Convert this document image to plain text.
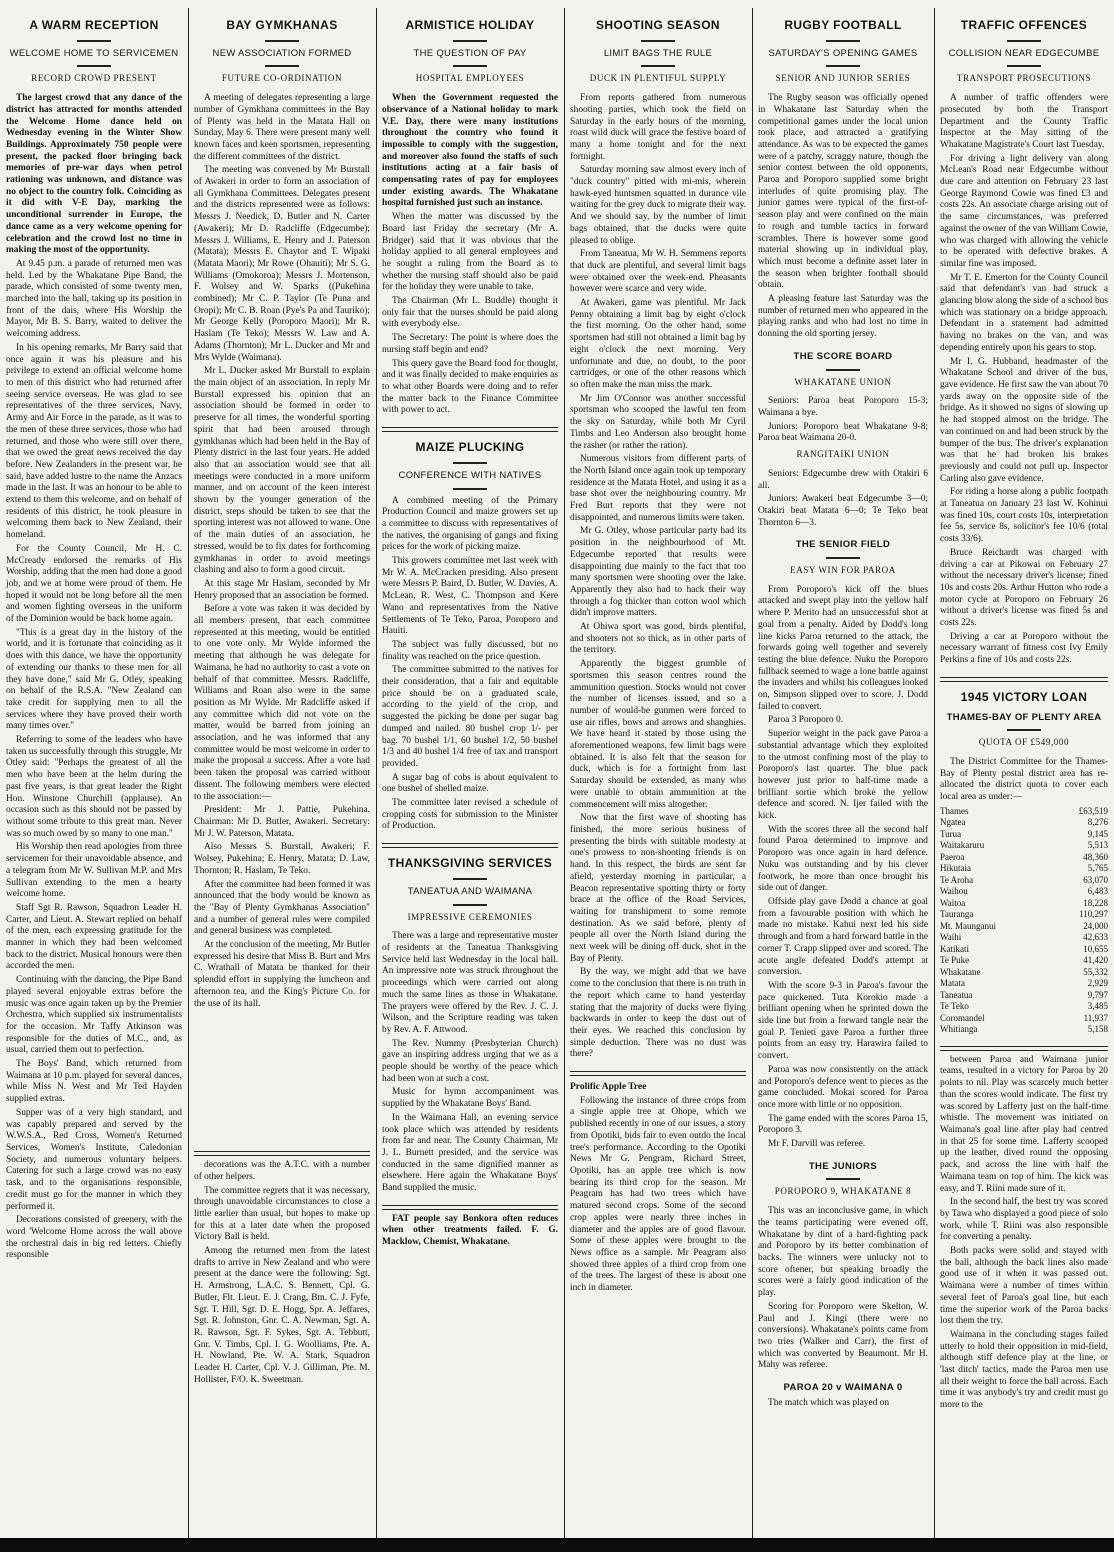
A WARM RECEPTION
WELCOME HOME TO SERVICEMEN
RECORD CROWD PRESENT

The largest crowd that any dance of the district has attracted for months attended the Welcome Home dance held on Wednesday evening in the Winter Show Buildings. Approximately 750 people were present, the packed floor bringing back memories of pre-war days when petrol rationing was unknown, and distance was no object to the country folk. Coinciding as it did with V-E Day, marking the unconditional surrender in Europe, the dance came as a very welcome opening for celebration and the crowd lost no time in making the most of the opportunity.

At 9.45 p.m. a parade of returned men was held. Led by the Whakatane Pipe Band, the parade, which consisted of some twenty men, marched into the hall, taking up its position in front of the dais, where His Worship the Mayor, Mr B. S. Barry, waited to deliver the welcoming address.

In his opening remarks, Mr Barry said that once again it was his pleasure and his privilege to extend an official welcome home to men of this district who had returned after seeing service overseas. He was glad to see representatives of the three services, Navy, Army and Air Force in the parade, as it was to the men of these three services, those who had returned, and those who were still over there, that we owed the great news received the day before. New Zealanders in the present war, he said, have added lustre to the name the Anzacs made in the last. It was an honour to be able to extend to them this welcome, and on behalf of residents of this district, he took pleasure in welcoming them back to New Zealand, their homeland.

For the County Council, Mr H. C. McCready endorsed the remarks of His Worship, adding that the men had done a good job, and we at home were proud of them. He hoped it would not be long before all the men and women fighting overseas in the uniform of the Dominion would be back home again.

"This is a great day in the history of the world, and it is fortunate that coinciding as it does with this dance, we have the opportunity of extending our thanks to these men for all they have done," said Mr G. Otley, speaking on behalf of the R.S.A. "New Zealand can take credit for supplying men to all the services where they have proved their worth many times over."

Referring to some of the leaders who have taken us successfully through this struggle, Mr Otley said: "Perhaps the greatest of all the men who have been at the helm during the past five years, is that great leader the Right Hon. Winstone Churchill (applause). An occasion such as this should not be passed by without some tribute to this great man. Never was so much owed by so many to one man."

His Worship then read apologies from three servicemen for their unavoidable absence, and a telegram from Mr W. Sullivan M.P. and Mrs Sullivan extending to the men a hearty welcome home.

Staff Sgt R. Rawson, Squadron Leader H. Carter, and Lieut. A. Stewart replied on behalf of the men, each expressing gratitude for the manner in which they had been welcomed back to the district. Musical honours were then accorded the men.

Continuing with the dancing, the Pipe Band played several enjoyable extras before the music was once again taken up by the Premier Orchestra, which supplied six instrumentalists for the occasion. Mr Taffy Atkinson was responsible for the duties of M.C., and, as usual, carried them out to perfection.

The Boys' Band, which returned from Waimana at 10 p.m. played for several dances, while Miss N. West and Mr Ted Hayden supplied extras.

Supper was of a very high standard, and was capably prepared and served by the W.W.S.A., Red Cross, Women's Returned Services, Women's Institute, Caledonian Society, and numerous voluntary helpers. Catering for such a large crowd was no easy task, and to the organisations responsible, credit must go for the manner in which they performed it.

Decorations consisted of greenery, with the word 'Welcome Home across the wall above the orchestral dais in big red letters. Chiefly responsible

BAY GYMKHANAS
NEW ASSOCIATION FORMED
FUTURE CO-ORDINATION

A meeting of delegates representing a large number of Gymkhana committees in the Bay of Plenty was held in the Matata Hall on Sunday, May 6. There were present many well known faces and keen sportsmen, representing the different committees of the district.

The meeting was convened by Mr Burstall of Awakeri in order to form an association of all Gymkhana Committees. Delegates present and the districts represented were as follows: Messrs J. Needick, D. Butler and N. Carter (Awakeri); Mr D. Radcliffe (Edgecumbe); Messrs J. Williams, E. Henry and J. Paterson (Matata); Messrs E. Chaytor and T. Wipaki (Matata Maori); Mr Rowe (Ohauiti); Mr S. G. Williams (Omokoroa); Messrs J. Mortenson, F. Wolsey and W. Sparks ((Pukehina combined); Mr C. P. Taylor (Te Puna and Oropi); Mr C. B. Roan (Pye's Pa and Tauriko); Mr George Kelly (Poroporo Maori); Mr R. Haslam (Te Teko); Messrs W. Law and A. Adams (Thornton); Mr L. Ducker and Mr and Mrs Wylde (Waimana).

Mr L. Ducker asked Mr Burstall to explain the main object of an association. In reply Mr Burstall expressed his opinion that an association should be formed in order to preserve for all times, the wonderful sporting spirit that had been aroused through gymkhanas which had been held in the Bay of Plenty district in the last four years. He added also that an association would see that all meetings were conducted in a more uniform manner, and on account of the keen interest shown by the younger generation of the district, steps should be taken to see that the sporting interest was not allowed to wane. One of the main duties of an association, he stressed, would be to fix dates for forthcoming gymkhanas in order to avoid meetings clashing and also to form a good circuit.

At this stage Mr Haslam, seconded by Mr Henry proposed that an association be formed.

Before a vote was taken it was decided by all members present, that each committee represented at this meeting, would be entitled to one vote only. Mr Wylde informed the meeting that although he was delegate for Waimana, he had no authority to cast a vote on behalf of that committee. Messrs. Radcliffe, Williams and Roan also were in the same position as Mr Wylde. Mr Radcliffe asked if any committee which did not vote on the matter, would be barred from joining an association, and he was informed that any committee would be most welcome in order to make the proposal a success. After a vote had been taken the proposal was carried without dissent. The following members were elected to the association:—

President: Mr J. Pattie, Pukehina. Chairman: Mr D. Butler, Awakeri. Secretary: Mr J. W. Paterson, Matata.

Also Messrs S. Burstall, Awakeri; F. Wolsey, Pukehina; E. Henry, Matata; D. Law, Thornton; R. Haslam, Te Teko.

After the committee had been formed it was announced that the body would be known as the "Bay of Plenty Gymkhanas Association" and a number of general rules were compiled and general business was completed.

At the conclusion of the meeting, Mr Butler expressed his desire that Miss B. Burt and Mrs C. Wrathall of Matata be thanked for their splendid effort in supplying the luncheon and afternoon tea, and the King's Picture Co. for the use of its hall.

decorations was the A.T.C. with a number of other helpers.

The committee regrets that it was necessary, through unavoidable circumstances to close a little earlier than usual, but hopes to make up for this at a later date when the proposed Victory Ball is held.

Among the returned men from the latest drafts to arrive in New Zealand and who were present at the dance were the following: Sgt. H. Armstrong, L.A.C. S. Bennett, Cpl. G. Butler, Flt. Lieut. E. J. Crang, Bm. C. J. Fyfe, Sgt. T. Hill, Sgt. D. E. Hogg, Spr. A. Jeffares, Sgt. R. Johnston, Gnr. C. A. Newman, Sgt. A. R. Rawson, Sgt. F. Sykes, Sgt. A. Tebbutt, Gnr. V. Timbs, Cpl. I. G. Woolliams, Pte. A. H. Nowland, Pte. W. A. Stark, Squadron Leader H. Carter, Cpl. V. J. Gilliman, Pte. M. Hollister, F/O. K. Sweetman.

ARMISTICE HOLIDAY
THE QUESTION OF PAY
HOSPITAL EMPLOYEES

When the Government requested the observance of a National holiday to mark V.E. Day, there were many institutions throughout the country who found it impossible to comply with the suggestion, and moreover also found the staffs of such institutions acting at a fair basis of compensating rates of pay for employees under existing awards. The Whakatane hospital furnished just such an instance.

When the matter was discussed by the Board last Friday the secretary (Mr A. Bridger) said that it was obvious that the holiday applied to all general employees and he sought a ruling from the Board as to whether the nursing staff should also be paid for the holiday they were unable to take.

The Chairman (Mr L. Buddle) thought it only fair that the nurses should be paid along with everybody else.

The Secretary: The point is where does the nursing staff begin and end?

This query gave the Board food for thought, and it was finally decided to make enquiries as to what other Boards were doing and to refer the matter back to the Finance Committee with power to act.

MAIZE PLUCKING
CONFERENCE WITH NATIVES

A combined meeting of the Primary Production Council and maize growers set up a committee to discuss with representatives of the natives, the organising of gangs and fixing prices for the work of picking maize.

This growers committee met last week with Mr W. A. McCracken presiding. Also present were Messrs P. Baird, D. Butler, W. Davies, A. McLean, R. West, C. Thompson and Kere Wano and representatives from the Native Settlements of Te Teko, Paroa, Poroporo and Hauiti.

The subject was fully discussed, but no finality was reached on the price question.

The committee submitted to the natives for their consideration, that a fair and equitable price should be on a graduated scale, according to the yield of the crop, and suggested the picking be done per sugar bag dumped and nailed. 80 bushel crop 1/- per bag. 70 bushel 1/1, 60 bushel 1/2, 50 bushel 1/3 and 40 bushel 1/4 free of tax and transport provided.

A sugar bag of cobs is about equivalent to one bushel of shelled maize.

The committee later revised a schedule of cropping costs for submission to the Minister of Production.

THANKSGIVING SERVICES
TANEATUA AND WAIMANA
IMPRESSIVE CEREMONIES

There was a large and representative muster of residents at the Taneatua Thanksgiving Service held last Wednesday in the local hall. An impressive note was struck throughout the proceedings which were carried out along much the same lines as those in Whakatane. The prayers were offered by the Rev. J. C. J. Wilson, and the Scripture reading was taken by Rev. A. F. Attwood.

The Rev. Nummy (Presbyterian Church) gave an inspiring address urging that we as a people should be worthy of the peace which had been won at such a cost.

Music for hymn accompaniment was supplied by the Whakatane Boys' Band.

In the Waimana Hall, an evening service took place which was attended by residents from far and near. The County Chairman, Mr J. L. Burnett presided, and the service was conducted in the same dignified manner as elsewhere. Here again the Whakatane Boys' Band supplied the music.

FAT people say Bonkora often reduces when other treatments failed. F. G. Macklow, Chemist, Whakatane.

SHOOTING SEASON
LIMIT BAGS THE RULE
DUCK IN PLENTIFUL SUPPLY

From reports gathered from numerous shooting parties, which took the field on Saturday in the early hours of the morning, roast wild duck will grace the festive board of many a home tonight and for the next fortnight.

Saturday morning saw almost every inch of "duck country" pitted with mi-mis, wherein hawk-eyed huntsmen squatted in durance vile waiting for the grey duck to migrate their way. And we should say, by the number of limit bags obtained, that the ducks were quite pleased to oblige.

From Taneatua, Mr W. H. Semmens reports that duck are plentiful, and several limit bags were obtained over the week-end. Pheasants however were scarce and very wide.

At Awakeri, game was plentiful. Mr Jack Penny obtaining a limit bag by eight o'clock the first morning. On the other hand, some sportsmen had still not obtained a limit bag by eight o'clock the next morning. Very unfortunate and due, no doubt, to the poor cartridges, or one of the other reasons which so often make the man miss the mark.

Mr Jim O'Connor was another successful sportsman who scooped the lawful ten from the sky on Saturday, while both Mr Cyril Timbs and Leo Anderson also brought home the rasher (or rather the ration).

Numerous visitors from different parts of the North Island once again took up temporary residence at the Matata Hotel, and using it as a base shot over the neighbouring country. Mr Fred Burt reports that they were not disappointed, and numerous limits were taken.

Mr G. Otley, whose particular party had its position in the neighbourhood of Mt. Edgecumbe reported that results were disappointing due mainly to the fact that too many sportsmen were shooting over the lake. Apparently they also had to hack their way through a fog thicker than cotton wool which didn't improve matters.

At Ohiwa sport was good, birds plentiful, and shooters not so thick, as in other parts of the territory.

Apparently the biggest grumble of sportsmen this season centres round the ammunition question. Stocks would not cover the number of licenses issued, and so a number of would-be gunmen were forced to use air rifles, bows and arrows and shanghies. We have heard it stated by those using the aforementioned weapons, few limit bags were obtained. It is also felt that the season for duck, which is for a fortnight from last Saturday should be extended, as many who were unable to obtain ammunition at the commencement will miss altogether.

Now that the first wave of shooting has finished, the more serious business of presenting the birds with suitable modesty at one's prowess to non-shooting friends is on hand. In this respect, the birds are sent far afield, yesterday morning in particular, a Beacon representative spotting thirty or forty brace at the office of the Road Services, waiting for transhipment to some remote destination. As we said before, plenty of people all over the North Island during the next week will be dining off duck, shot in the Bay of Plenty.

By the way, we might add that we have come to the conclusion that there is no truth in the report which came to hand yesterday stating that the majority of ducks were flying backwards in order to keep the dust out of their eyes. We reached this conclusion by simple deduction. There was no dust was there?

Prolific Apple Tree

Following the instance of three crops from a single apple tree at Ohope, which we published recently in one of our issues, a story from Opotiki, bids fair to even outdo the local tree's performance. According to the Opotiki News Mr G. Pengram, Richard Street, Opotiki, has an apple tree which is now bearing its third crop for the season. Mr Peagram has had two trees which have matured second crops. Some of the second crop apples were nearly three inches in diameter and the apples are of good flavour. Some of these apples were brought to the News office as a sample. Mr Peagram also showed three apples of a third crop from one of the trees. The largest of these is about one inch in diameter.

RUGBY FOOTBALL
SATURDAY'S OPENING GAMES
SENIOR AND JUNIOR SERIES

The Rugby season was officially opened in Whakatane last Saturday when the competitional games under the local union took place, and attracted a gratifying attendance. As was to be expected the games were of a patchy, scraggy nature, though the senior contest between the old opponents, Paroa and Poroporo supplied some bright interludes of quite promising play. The junior games were typical of the first-of-season play and were confined on the main to rough and tumble tactics in forward scrambles. There is however some good material showing up in individual play, which must become a definite asset later in the season when brighter football should obtain.

A pleasing feature last Saturday was the number of returned men who appeared in the playing ranks and who had lost no time in donning the old sporting jersey.

THE SCORE BOARD
WHAKATANE UNION

Seniors: Paroa beat Poroporo 15-3; Waimana a bye.

Juniors: Poroporo beat Whakatane 9-8; Paroa beat Waimana 20-0.

RANGITAIKI UNION

Seniors: Edgecumbe drew with Otakiri 6 all.

Juniors: Awakeri beat Edgecumbe 3—0; Otakiri beat Matata 6—0; Te Teko beat Thornton 6—3.

THE SENIOR FIELD
EASY WIN FOR PAROA

From Poroporo's kick off the blues attacked and swept play into the yellow half where P. Merito had an unsuccessful shot at goal from a penalty. Aided by Dodd's long line kicks Paroa returned to the attack, the forwards going well together and severely testing the blue defence. Nuku the Poroporo fullback seemed to wage a lone battle against the invaders and whilst his colleagues looked on, Simpson slipped over to score. J. Dodd failed to convert.

Paroa 3 Poroporo 0.

Superior weight in the pack gave Paroa a substantial advantage which they exploited to the utmost confining most of the play to Poroporo's last quarter. The blue pack however just prior to half-time made a brilliant sortie which broke the yellow defence and scored. N. Ijer failed with the kick.

With the scores three all the second half found Paroa determined to improve and Poroporo was once again in hard defence. Nuku was outstanding and by his clever footwork, he more than once brought his side out of danger.

Offside play gave Dodd a chance at goal from a favourable position with which he made no mistake. Kahui next led his side through and from a hard forward battle in the corner T. Crapp slipped over and scored. The acute angle defeated Dodd's attempt at conversion.

With the score 9-3 in Paroa's favour the pace quickened. Tuta Korokio made a brilliant opening when he sprinted down the side line but from a forward tangle near the goal P. Tenieti gave Paroa a further three points from an easy try. Harawira failed to convert.

Paroa was now consistently on the attack and Poroporo's defence went to pieces as the game concluded. Mokai scored for Paroa once more with little or no opposition.

The game ended with the scores Paroa 15, Poroporo 3.

Mr F. Darvill was referee.

THE JUNIORS
POROPORO 9, WHAKATANE 8

This was an inconclusive game, in which the teams participating were evened off, Whakatane by dint of a hard-fighting pack and Poroporo by its better combination of backs. The winners were unlucky not to score oftener, but speaking broadly the scores were a fairly good indication of the play.

Scoring for Poroporo were Skelton, W. Paul and J. Kingi (there were no conversions). Whakatane's points came from two tries (Walker and Carr), the first of which was converted by Beaumont. Mr H. Mahy was referee.

PAROA 20 v WAIMANA 0

The match which was played on

TRAFFIC OFFENCES
COLLISION NEAR EDGECUMBE
TRANSPORT PROSECUTIONS

A number of traffic offenders were prosecuted by both the Transport Department and the County Traffic Inspector at the May sitting of the Whakatane Magistrate's Court last Tuesday.

For driving a light delivery van along McLean's Road near Edgecumbe without due care and attention on February 23 last George Raymond Cowie was fined £3 and costs 22s. An associate charge arising out of the same circumstances, was preferred against the owner of the van William Cowie, who was charged with allowing the vehicle to be operated with defective brakes. A similar fine was imposed.

Mr T. E. Emerton for the County Council said that defendant's van had struck a glancing blow along the side of a school bus which was stationary on a bridge approach. Defendant in a statement had admitted having no brakes on the van, and was depending entirely upon his gears to stop.

Mr I. G. Hubband, headmaster of the Whakatane School and driver of the bus, gave evidence. He first saw the van about 70 yards away on the opposite side of the bridge. As it showed no signs of slowing up he had stopped almost on the bridge. The van continued on and had been struck by the bumper of the bus. The driver's explanation was that he had broken his brakes previously and could not pull up. Inspector Carling also gave evidence.

For riding a horse along a public footpath at Taneatua on January 23 last W. Kohinui was fined 10s, court costs 10s, interpretation fee 5s, service 8s, solicitor's fee 10/6 (total costs 33/6).

Bruce Reichardt was charged with driving a car at Pikowai on February 27 without the necessary driver's license; fined 10s and costs 20s. Arthur Hutton who rode a motor cycle at Poroporo on February 26 without a driver's license was fined 5s and costs 22s.

Driving a car at Poroporo without the necessary warrant of fitness cost Ivy Emily Perkins a fine of 10s and costs 22s.

1945 VICTORY LOAN
THAMES-BAY OF PLENTY AREA
QUOTA OF £549,000

The District Committee for the Thames-Bay of Plenty postal district area has re-allocated the district quota to cover each local area as under:—

Thames	£63,519
Ngatea	8,276
Turua	9,145
Waitakaruru	5,513
Paeroa	48,360
Hikutaia	5,765
Te Aroha	63,070
Waihou	6,483
Waitoa	18,228
Tauranga	110,297
Mt. Maunganui	24,000
Waihi	42,633
Katikati	10,655
Te Puke	41,420
Whakatane	55,332
Matata	2,929
Taneatua	9,797
Te Teko	3,485
Coromandel	11,937
Whitianga	5,158

between Paroa and Waimana junior teams, resulted in a victory for Paroa by 20 points to nil. Play was scarcely much better than the scores would indicate. The first try was scored by Lafferty just on the half-time whistle. The movement was initiated on Waimana's goal line after play had centred in that 25 for some time. Lafferty scooped up the leather, dived round the opposing pack, and across the line with half the Waimana team on top of him. The kick was easy, and T. Riini made sure of it.

In the second half, the best try was scored by Tawa who displayed a good piece of solo work, while T. Riini was also responsible for converting a penalty.

Both packs were solid and stayed with the ball, although the back lines also made good use of it when it was passed out. Waimana were a number of times within several feet of Paroa's goal line, but each time the superior work of the Paroa backs lost them the try.

Waimana in the concluding stages failed utterly to hold their opposition in mid-field, although stiff defence play at the line, or 'last ditch' tactics, made the Paroa men use all their weight to force the ball across. Each time it was anybody's try and credit must go more to the
